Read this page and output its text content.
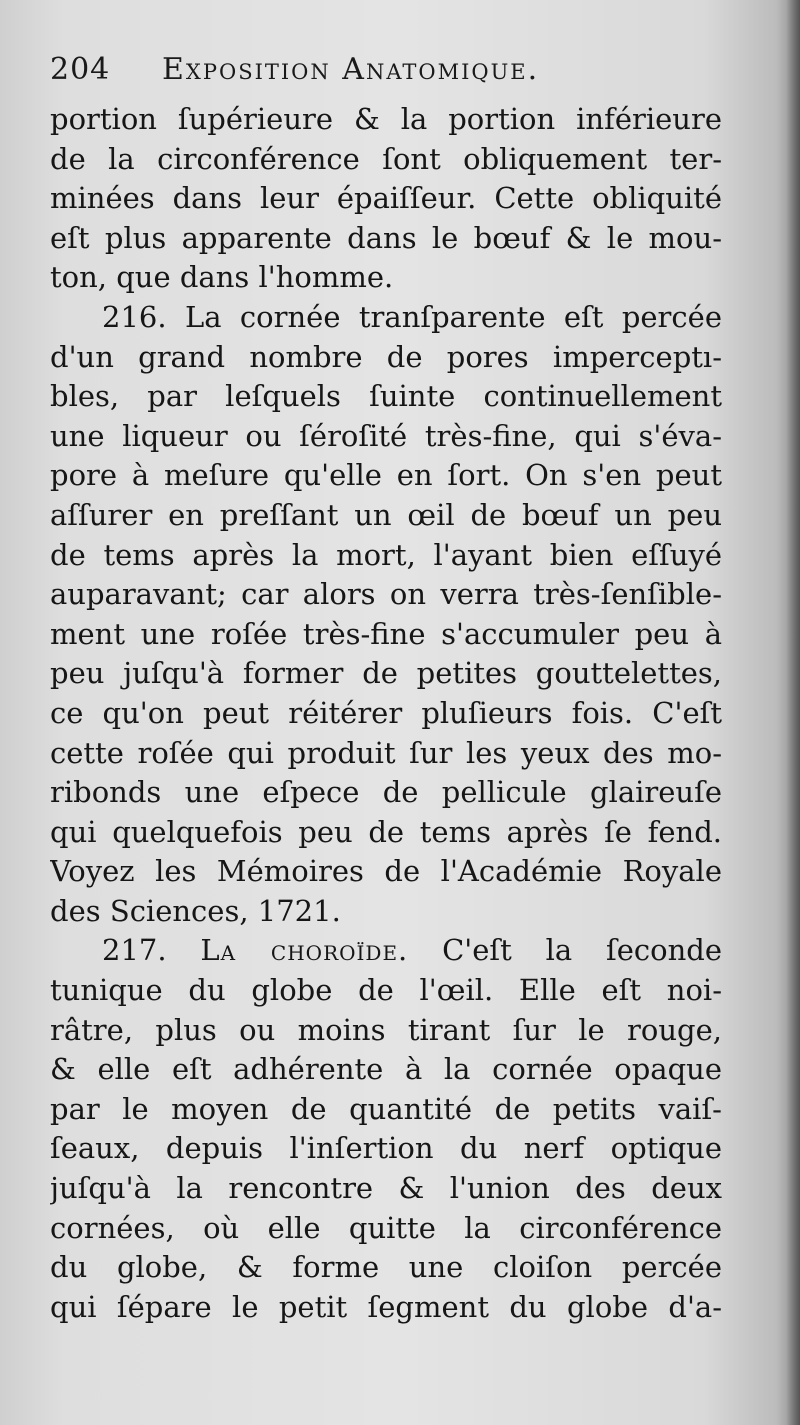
204 Exposition Anatomique.
portion ſupérieure & la portion inférieure
de la circonférence ſont obliquement ter-
minées dans leur épaiſſeur. Cette obliquité
eſt plus apparente dans le bœuf & le mou-
ton, que dans l'homme.
216. La cornée tranſparente eſt percée
d'un grand nombre de pores imperceptı-
bles, par leſquels ſuinte continuellement
une liqueur ou ſéroſité très-fine, qui s'éva-
pore à meſure qu'elle en ſort. On s'en peut
aſſurer en preſſant un œil de bœuf un peu
de tems après la mort, l'ayant bien eſſuyé
auparavant; car alors on verra très-ſenſible-
ment une roſée très-fine s'accumuler peu à
peu juſqu'à former de petites gouttelettes,
ce qu'on peut réitérer pluſieurs fois. C'eſt
cette roſée qui produit ſur les yeux des mo-
ribonds une eſpece de pellicule glaireuſe
qui quelquefois peu de tems après ſe fend.
Voyez les Mémoires de l'Académie Royale
des Sciences, 1721.
217. La choroïde. C'eſt la ſeconde
tunique du globe de l'œil. Elle eſt noi-
râtre, plus ou moins tirant ſur le rouge,
& elle eſt adhérente à la cornée opaque
par le moyen de quantité de petits vaiſ-
ſeaux, depuis l'inſertion du nerf optique
juſqu'à la rencontre & l'union des deux
cornées, où elle quitte la circonférence
du globe, & forme une cloiſon percée
qui ſépare le petit ſegment du globe d'a-
